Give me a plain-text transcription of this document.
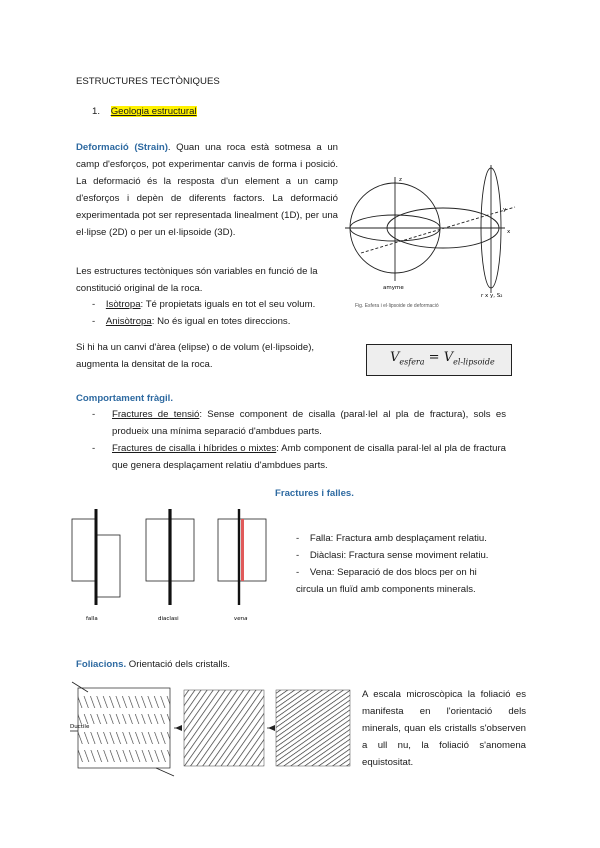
ESTRUCTURES TECTÒNIQUES
1. Geologia estructural
Deformació (Strain). Quan una roca està sotmesa a un camp d'esforços, pot experimentar canvis de forma i posició. La deformació és la resposta d'un element a un camp d'esforços i depèn de diferents factors. La deformació experimentada pot ser representada linealment (1D), per una el·lipse (2D) o per un el·lipsoide (3D).
Les estructures tectòniques són variables en funció de la constitució original de la roca.
-    Isòtropa: Té propietats iguals en tot el seu volum.
-    Anisòtropa: No és igual en totes direccions.
Si hi ha un canvi d'àrea (elipse) o de volum (el·lipsoide), augmenta la densitat de la roca.
z
y
x
amyme
r x y, S₂
Fig. Esfera i el·lipsoide de deformació
$V_{esfera} = V_{el-lipsoide}$
Comportament fràgil.
- Fractures de tensió: Sense component de cisalla (paral·lel al pla de fractura), sols es produeix una mínima separació d'ambdues parts.
- Fractures de cisalla i híbrides o mixtes: Amb component de cisalla paral·lel al pla de fractura que genera desplaçament relatiu d'ambdues parts.
Fractures i falles.
falla	diaclasi	vena
-    Falla: Fractura amb desplaçament relatiu.
-    Diàclasi: Fractura sense moviment relatiu.
-    Vena: Separació de dos blocs per on hi circula un fluïd amb components minerals.
Foliacions. Orientació dels cristalls.
Ductile
A escala microscòpica la foliació es manifesta en l'orientació dels minerals, quan els cristalls s'observen a ull nu, la foliació s'anomena equistositat.
